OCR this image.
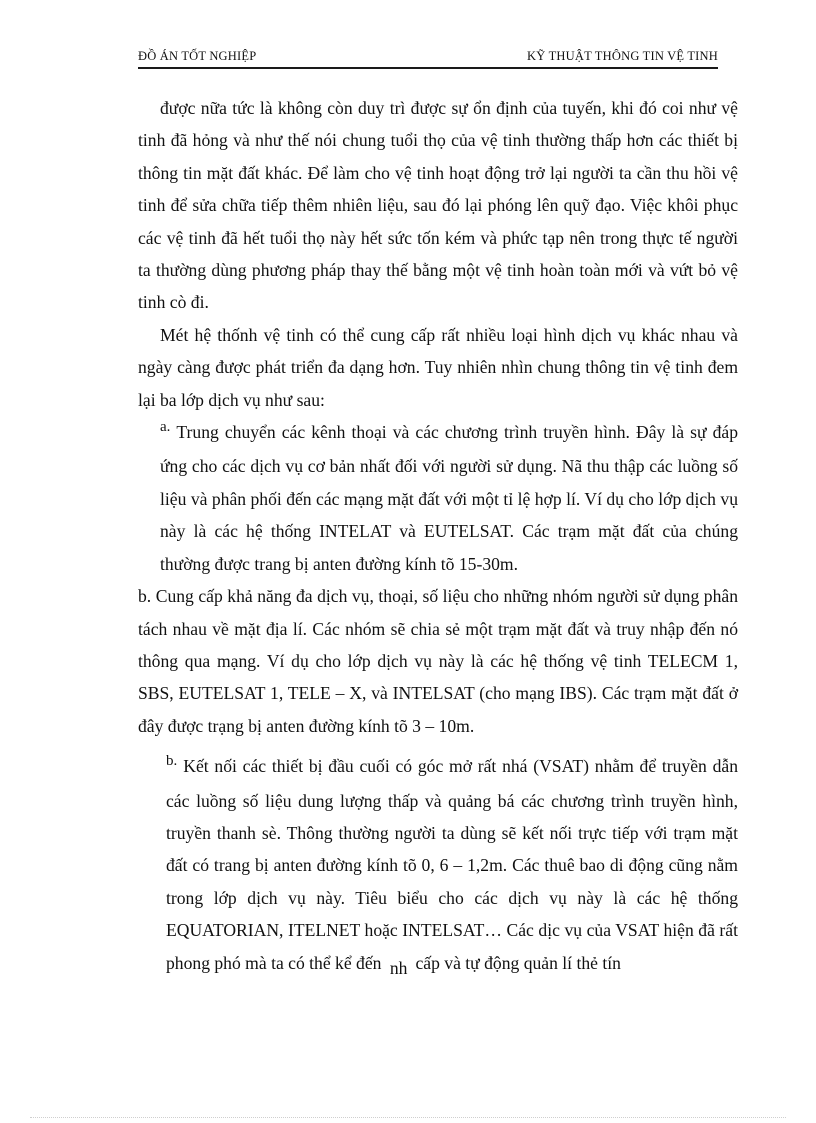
ĐỒ ÁN TỐT NGHIỆP	KỸ THUẬT THÔNG TIN VỆ TINH

được nữa tức là không còn duy trì được sự ổn định của tuyến, khi đó coi như vệ tinh đã hỏng và như thế nói chung tuổi thọ của vệ tinh thường thấp hơn các thiết bị thông tin mặt đất khác. Để làm cho vệ tinh hoạt động trở lại người ta cần thu hồi vệ tinh để sửa chữa tiếp thêm nhiên liệu, sau đó lại phóng lên quỹ đạo. Việc khôi phục các vệ tinh đã hết tuổi thọ này hết sức tốn kém và phức tạp nên trong thực tế người ta thường dùng phương pháp thay thế bằng một vệ tinh hoàn toàn mới và vứt bỏ vệ tinh cò đi.

Mét hệ thốnh vệ tinh có thể cung cấp rất nhiều loại hình dịch vụ khác nhau và ngày càng được phát triển đa dạng hơn. Tuy nhiên nhìn chung thông tin vệ tinh đem lại ba lớp dịch vụ như sau:

a. Trung chuyển các kênh thoại và các chương trình truyền hình. Đây là sự đáp ứng cho các dịch vụ cơ bản nhất đối với người sử dụng. Nã thu thập các luồng số liệu và phân phối đến các mạng mặt đất với một tỉ lệ hợp lí. Ví dụ cho lớp dịch vụ này là các hệ thống INTELAT và EUTELSAT. Các trạm mặt đất của chúng thường được trang bị anten đường kính tõ 15-30m.

b. Cung cấp khả năng đa dịch vụ, thoại, số liệu cho những nhóm người sử dụng phân tách nhau về mặt địa lí. Các nhóm sẽ chia sẻ một trạm mặt đất và truy nhập đến nó thông qua mạng. Ví dụ cho lớp dịch vụ này là các hệ thống vệ tinh TELECM 1, SBS, EUTELSAT 1, TELE – X, và INTELSAT (cho mạng IBS). Các trạm mặt đất ở đây được trạng bị anten đường kính tõ 3 – 10m.

b. Kết nối các thiết bị đầu cuối có góc mở rất nhá (VSAT) nhằm để truyền dẫn các luồng số liệu dung lượng thấp và quảng bá các chương trình truyền hình, truyền thanh sè. Thông thường người ta dùng sẽ kết nối trực tiếp với trạm mặt đất có trang bị anten đường kính tõ 0, 6 – 1,2m. Các thuê bao di động cũng nằm trong lớp dịch vụ này. Tiêu biểu cho các dịch vụ này là các hệ thống EQUATORIAN, ITELNET hoặc INTELSAT… Các dịc vụ của VSAT hiện đã rất phong phó mà ta có thể kể đến nh cấp và tự động quản lí thẻ tín
